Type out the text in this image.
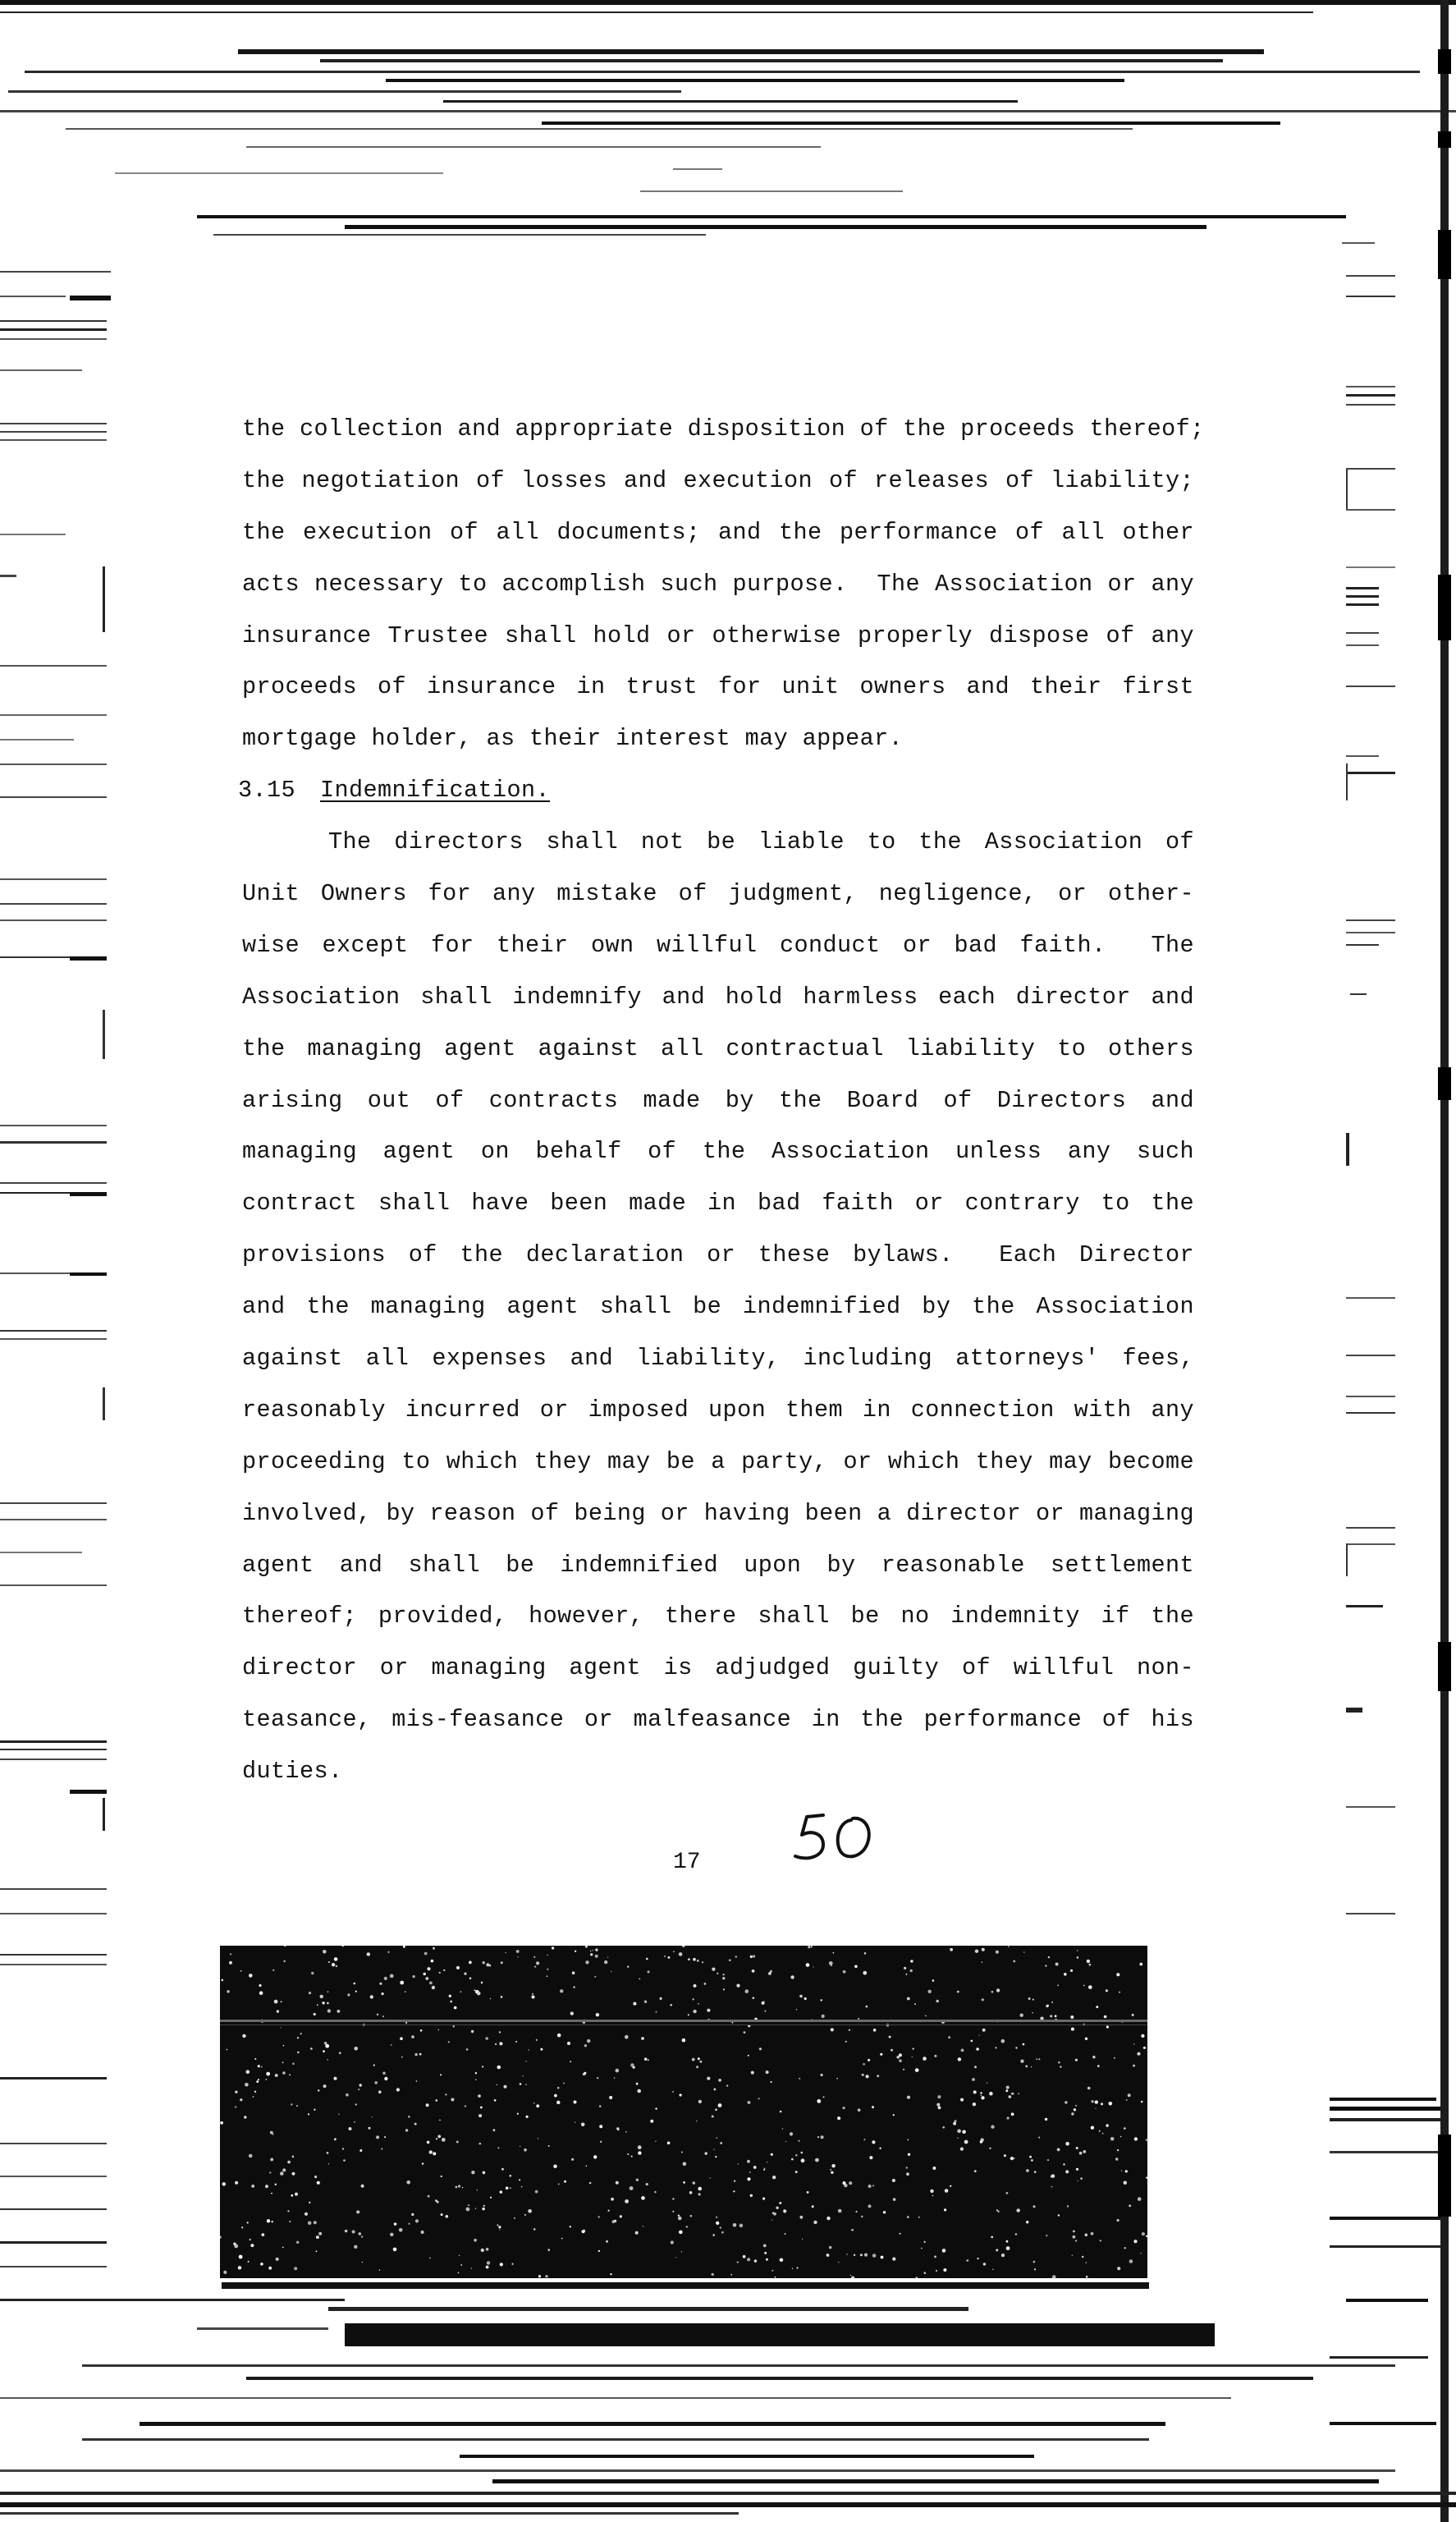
the collection and appropriate disposition of the proceeds thereof;
the negotiation of losses and execution of releases of liability;
the execution of all documents; and the performance of all other
acts necessary to accomplish such purpose.  The Association or any
insurance Trustee shall hold or otherwise properly dispose of any
proceeds of insurance in trust for unit owners and their first
mortgage holder, as their interest may appear.
3.15 Indemnification.
The directors shall not be liable to the Association of
Unit Owners for any mistake of judgment, negligence, or other-
wise except for their own willful conduct or bad faith.  The
Association shall indemnify and hold harmless each director and
the managing agent against all contractual liability to others
arising out of contracts made by the Board of Directors and
managing agent on behalf of the Association unless any such
contract shall have been made in bad faith or contrary to the
provisions of the declaration or these bylaws.  Each Director
and the managing agent shall be indemnified by the Association
against all expenses and liability, including attorneys' fees,
reasonably incurred or imposed upon them in connection with any
proceeding to which they may be a party, or which they may become
involved, by reason of being or having been a director or managing
agent and shall be indemnified upon by reasonable settlement
thereof; provided, however, there shall be no indemnity if the
director or managing agent is adjudged guilty of willful non-
teasance, mis-feasance or malfeasance in the performance of his
duties.
17
